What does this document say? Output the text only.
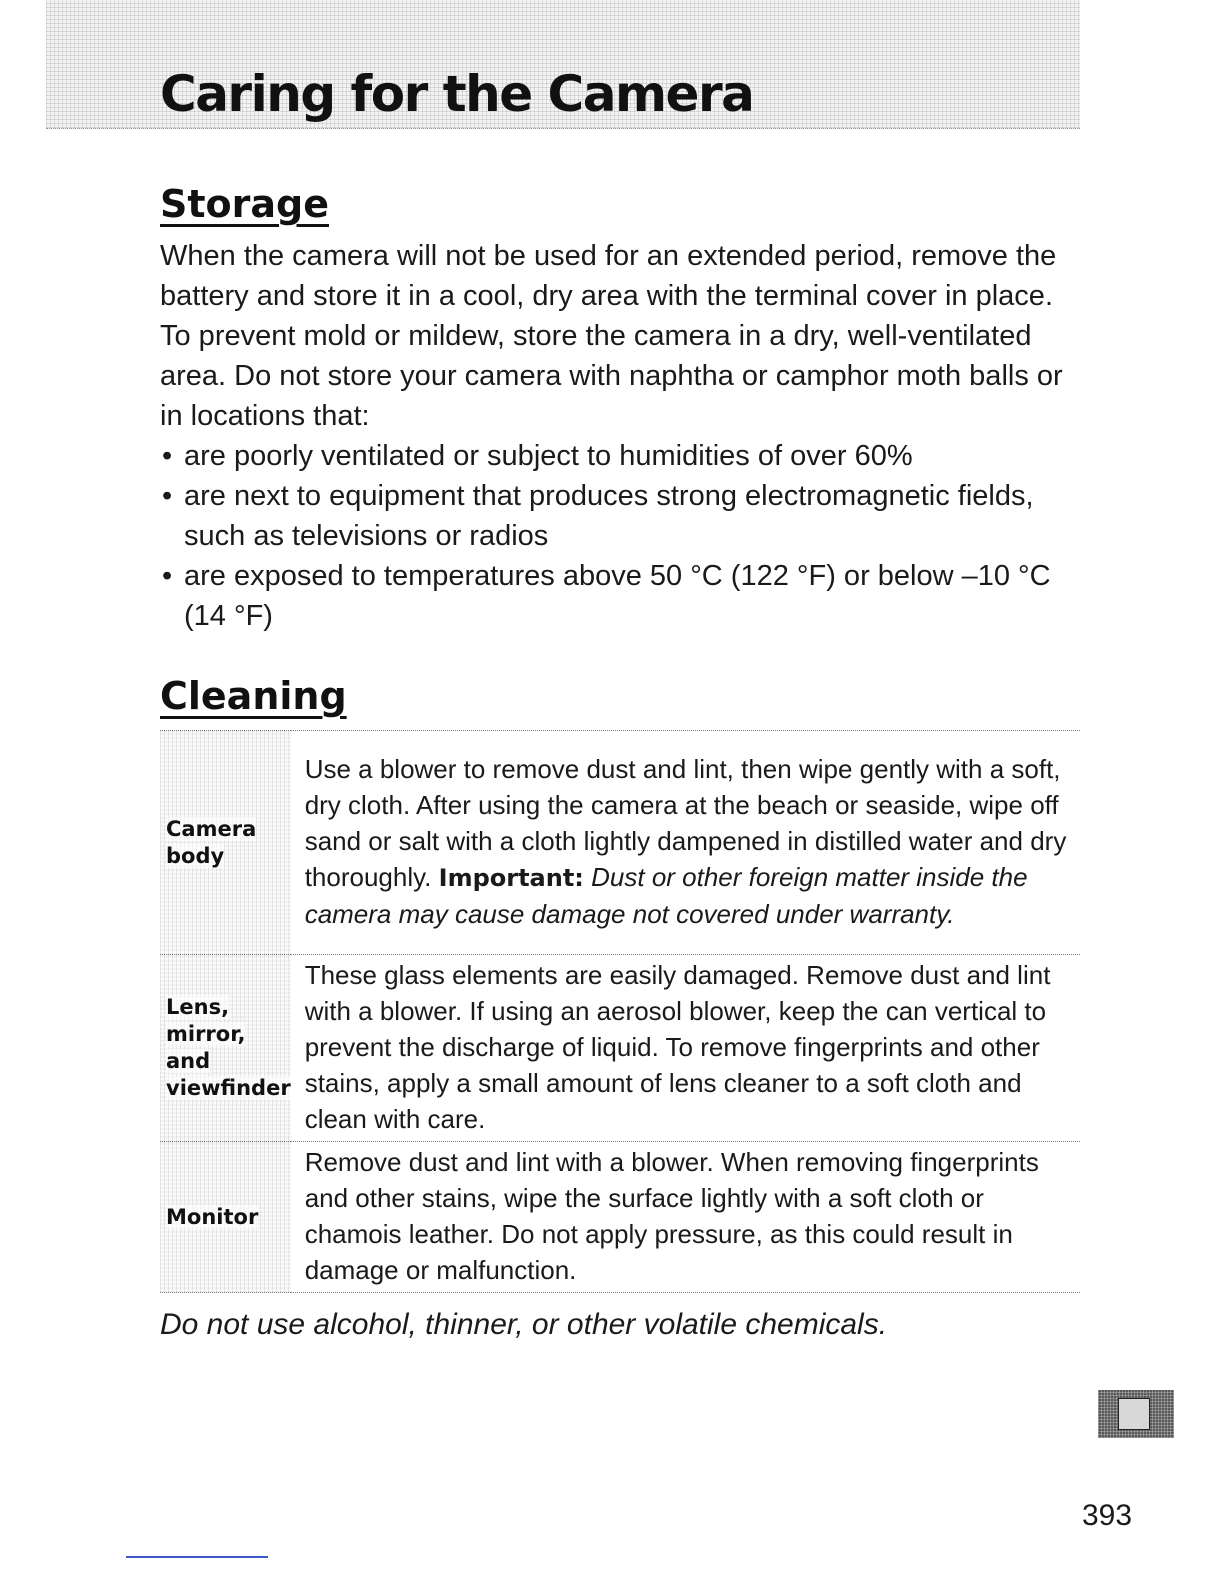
Caring for the Camera
Storage

When the camera will not be used for an extended period, remove the battery and store it in a cool, dry area with the terminal cover in place. To prevent mold or mildew, store the camera in a dry, well-ventilated area. Do not store your camera with naphtha or camphor moth balls or in locations that:

• are poorly ventilated or subject to humidities of over 60%
• are next to equipment that produces strong electromagnetic fields, such as televisions or radios
• are exposed to temperatures above 50 °C (122 °F) or below –10 °C (14 °F)
Cleaning
Camera body	Use a blower to remove dust and lint, then wipe gently with a soft, dry cloth. After using the camera at the beach or seaside, wipe off sand or salt with a cloth lightly dampened in distilled water and dry thoroughly. Important: Dust or other foreign matter inside the camera may cause damage not covered under warranty.
Lens, mirror, and viewfinder	These glass elements are easily damaged. Remove dust and lint with a blower. If using an aerosol blower, keep the can vertical to prevent the discharge of liquid. To remove fingerprints and other stains, apply a small amount of lens cleaner to a soft cloth and clean with care.
Monitor	Remove dust and lint with a blower. When removing fingerprints and other stains, wipe the surface lightly with a soft cloth or chamois leather. Do not apply pressure, as this could result in damage or malfunction.

Do not use alcohol, thinner, or other volatile chemicals.

393
